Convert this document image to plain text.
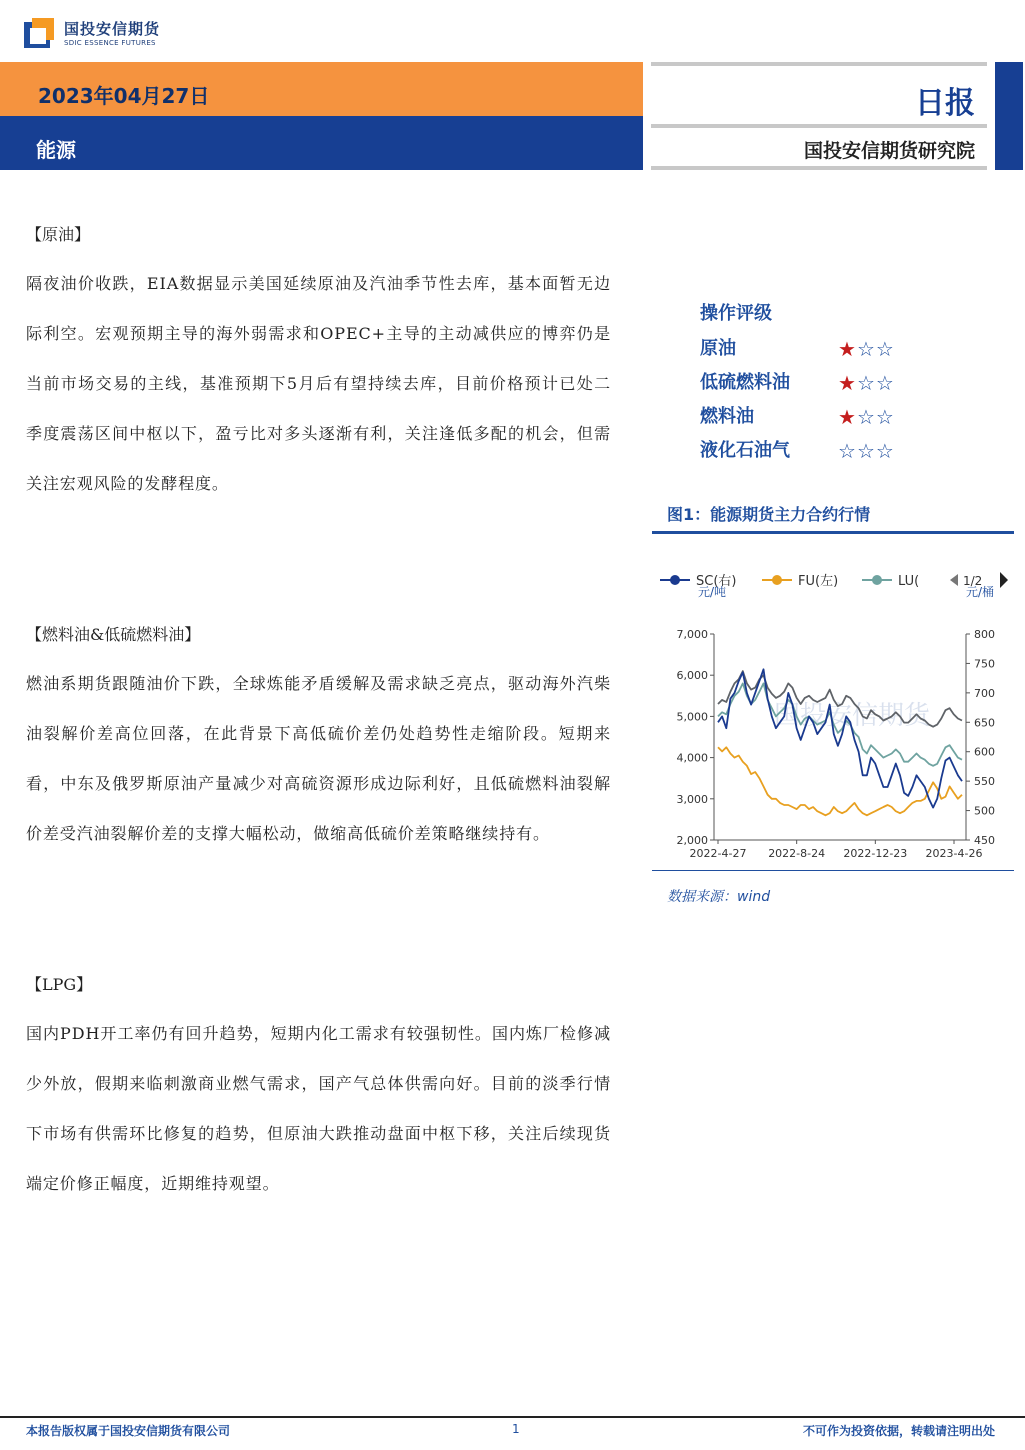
国投安信期货
SDIC ESSENCE FUTURES
2023年04月27日
能源
日报
国投安信期货研究院
【原油】
隔夜油价收跌，EIA数据显示美国延续原油及汽油季节性去库，基本面暂无边际利空。宏观预期主导的海外弱需求和OPEC+主导的主动减供应的博弈仍是当前市场交易的主线，基准预期下5月后有望持续去库，目前价格预计已处二季度震荡区间中枢以下，盈亏比对多头逐渐有利，关注逢低多配的机会，但需关注宏观风险的发酵程度。
【燃料油&低硫燃料油】
燃油系期货跟随油价下跌，全球炼能矛盾缓解及需求缺乏亮点，驱动海外汽柴油裂解价差高位回落，在此背景下高低硫价差仍处趋势性走缩阶段。短期来看，中东及俄罗斯原油产量减少对高硫资源形成边际利好，且低硫燃料油裂解价差受汽油裂解价差的支撑大幅松动，做缩高低硫价差策略继续持有。
【LPG】
国内PDH开工率仍有回升趋势，短期内化工需求有较强韧性。国内炼厂检修减少外放，假期来临刺激商业燃气需求，国产气总体供需向好。目前的淡季行情下市场有供需环比修复的趋势，但原油大跌推动盘面中枢下移，关注后续现货端定价修正幅度，近期维持观望。
操作评级
原油	★☆☆
低硫燃料油	★☆☆
燃料油	★☆☆
液化石油气	☆☆☆
图1：能源期货主力合约行情
SC(右)	FU(左)	LU(	1/2
元/吨	元/桶
国投安信期货
7,000
6,000
5,000
4,000
3,000
2,000
800
750
700
650
600
550
500
450
2022-4-27 2022-8-24 2022-12-23 2023-4-26
数据来源：wind
本报告版权属于国投安信期货有限公司	1	不可作为投资依据，转载请注明出处
